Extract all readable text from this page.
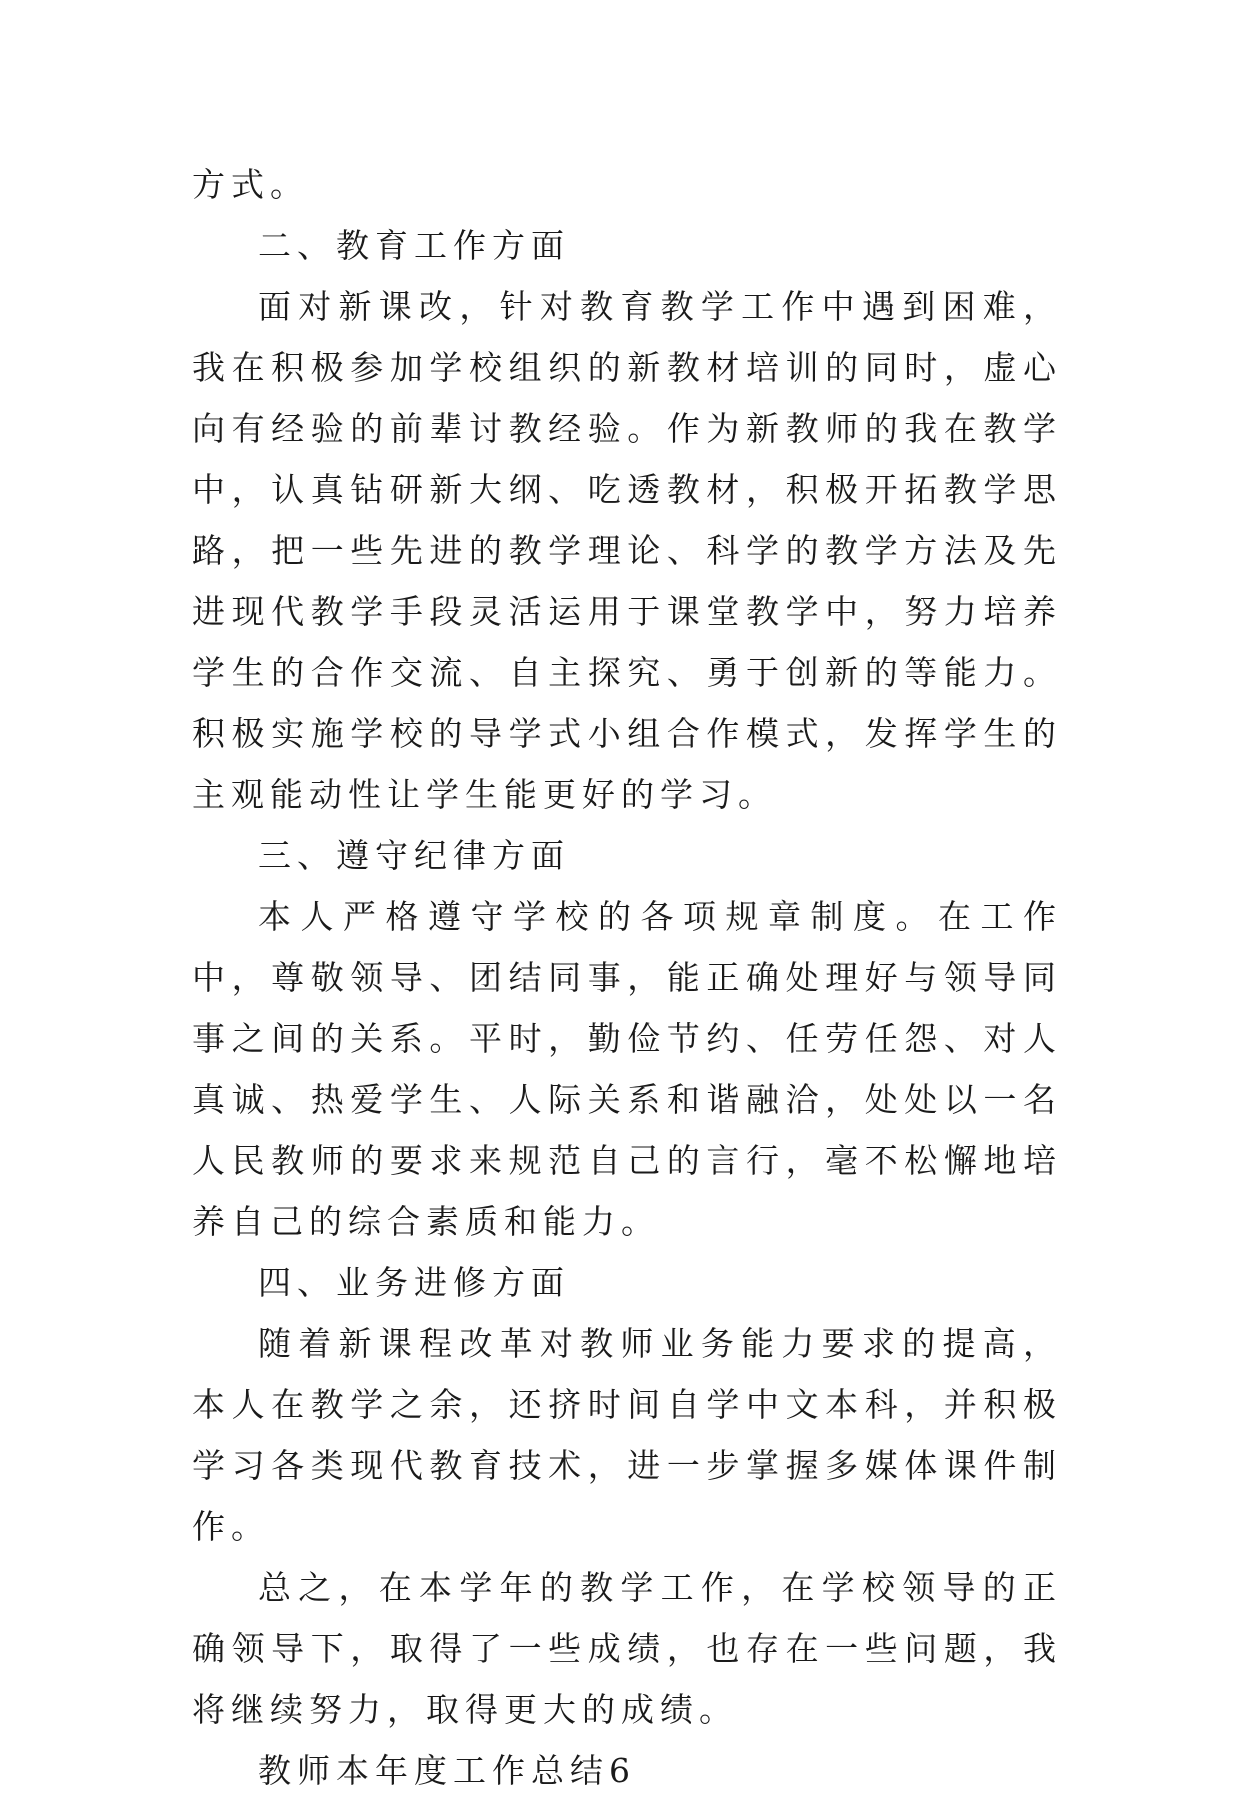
方式。

二、教育工作方面

面对新课改，针对教育教学工作中遇到困难，我在积极参加学校组织的新教材培训的同时，虚心向有经验的前辈讨教经验。作为新教师的我在教学中，认真钻研新大纲、吃透教材，积极开拓教学思路，把一些先进的教学理论、科学的教学方法及先进现代教学手段灵活运用于课堂教学中，努力培养学生的合作交流、自主探究、勇于创新的等能力。积极实施学校的导学式小组合作模式，发挥学生的主观能动性让学生能更好的学习。

三、遵守纪律方面

本人严格遵守学校的各项规章制度。在工作中，尊敬领导、团结同事，能正确处理好与领导同事之间的关系。平时，勤俭节约、任劳任怨、对人真诚、热爱学生、人际关系和谐融洽，处处以一名人民教师的要求来规范自己的言行，毫不松懈地培养自己的综合素质和能力。

四、业务进修方面

随着新课程改革对教师业务能力要求的提高，本人在教学之余，还挤时间自学中文本科，并积极学习各类现代教育技术，进一步掌握多媒体课件制作。

总之，在本学年的教学工作，在学校领导的正确领导下，取得了一些成绩，也存在一些问题，我将继续努力，取得更大的成绩。

教师本年度工作总结6
